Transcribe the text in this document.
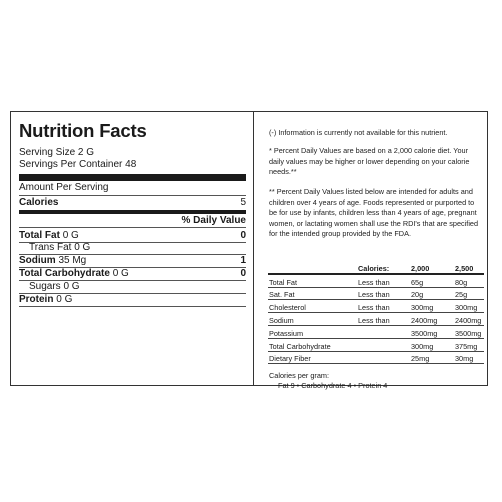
Nutrition Facts
Serving Size 2 G
Servings Per Container 48
Amount Per Serving
Calories	5
% Daily Value
Total Fat 0 G	0
Trans Fat 0 G
Sodium 35 Mg	1
Total Carbohydrate 0 G	0
Sugars 0 G
Protein 0 G
(-) Information is currently not available for this nutrient.
* Percent Daily Values are based on a 2,000 calorie diet. Your daily values may be higher or lower depending on your calorie needs.**
** Percent Daily Values listed below are intended for adults and children over 4 years of age. Foods represented or purported to be for use by infants, children less than 4 years of age, pregnant women, or lactating women shall use the RDI's that are specified for the intended group provided by the FDA.
	Calories:	2,000	2,500
Total Fat	Less than	65g	80g
Sat. Fat	Less than	20g	25g
Cholesterol	Less than	300mg	300mg
Sodium	Less than	2400mg	2400mg
Potassium		3500mg	3500mg
Total Carbohydrate		300mg	375mg
Dietary Fiber		25mg	30mg
Calories per gram:
Fat 9 • Carbohydrate 4 • Protein 4
